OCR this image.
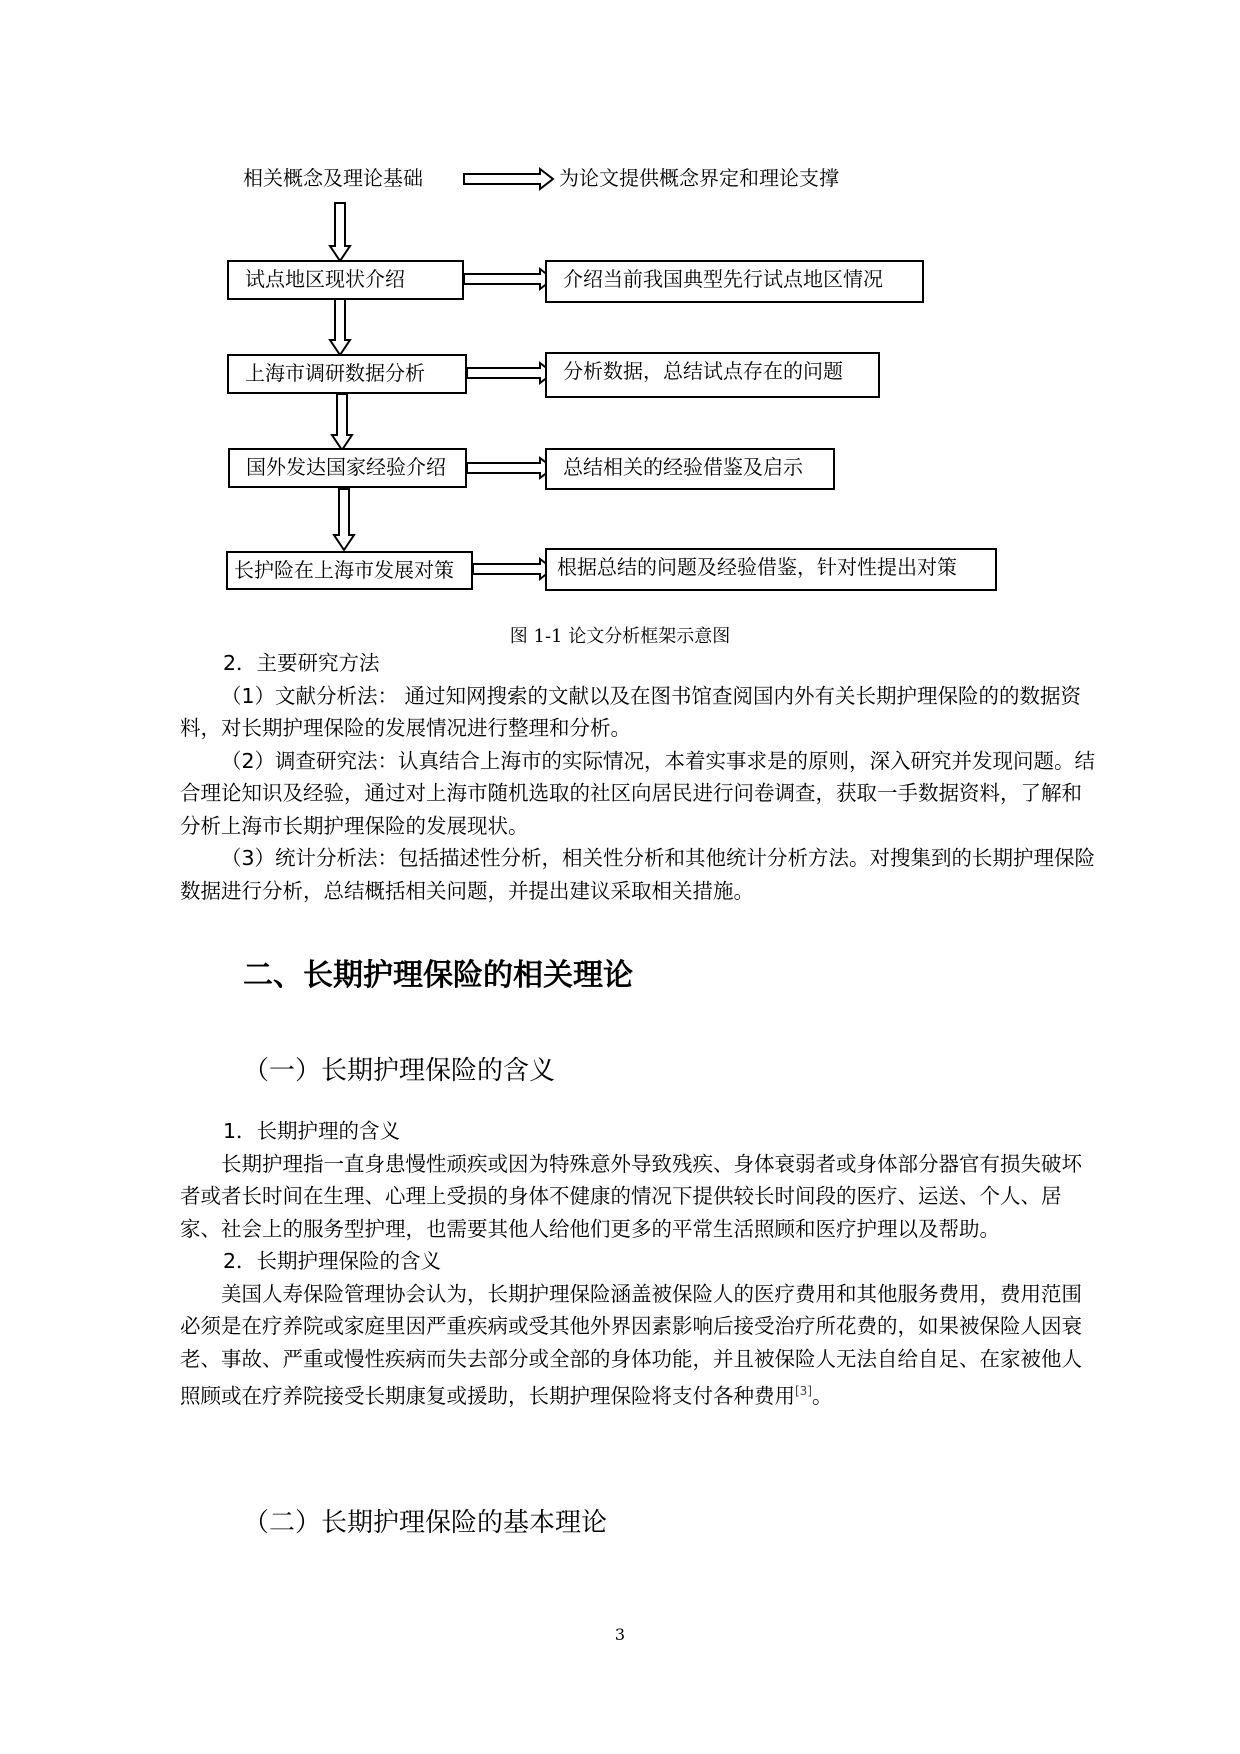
相关概念及理论基础	为论文提供概念界定和理论支撑
试点地区现状介绍	介绍当前我国典型先行试点地区情况
上海市调研数据分析	分析数据，总结试点存在的问题
国外发达国家经验介绍	总结相关的经验借鉴及启示
长护险在上海市发展对策	根据总结的问题及经验借鉴，针对性提出对策
图 1-1 论文分析框架示意图

2．主要研究方法

（1）文献分析法： 通过知网搜索的文献以及在图书馆查阅国内外有关长期护理保险的的数据资料，对长期护理保险的发展情况进行整理和分析。

（2）调查研究法：认真结合上海市的实际情况，本着实事求是的原则，深入研究并发现问题。结合理论知识及经验，通过对上海市随机选取的社区向居民进行问卷调查，获取一手数据资料，了解和分析上海市长期护理保险的发展现状。

（3）统计分析法：包括描述性分析，相关性分析和其他统计分析方法。对搜集到的长期护理保险数据进行分析，总结概括相关问题，并提出建议采取相关措施。

二、长期护理保险的相关理论
（一）长期护理保险的含义

1．长期护理的含义

长期护理指一直身患慢性顽疾或因为特殊意外导致残疾、身体衰弱者或身体部分器官有损失破坏者或者长时间在生理、心理上受损的身体不健康的情况下提供较长时间段的医疗、运送、个人、居家、社会上的服务型护理，也需要其他人给他们更多的平常生活照顾和医疗护理以及帮助。

2．长期护理保险的含义

美国人寿保险管理协会认为，长期护理保险涵盖被保险人的医疗费用和其他服务费用，费用范围必须是在疗养院或家庭里因严重疾病或受其他外界因素影响后接受治疗所花费的，如果被保险人因衰老、事故、严重或慢性疾病而失去部分或全部的身体功能，并且被保险人无法自给自足、在家被他人照顾或在疗养院接受长期康复或援助，长期护理保险将支付各种费用[3]。

（二）长期护理保险的基本理论
3
